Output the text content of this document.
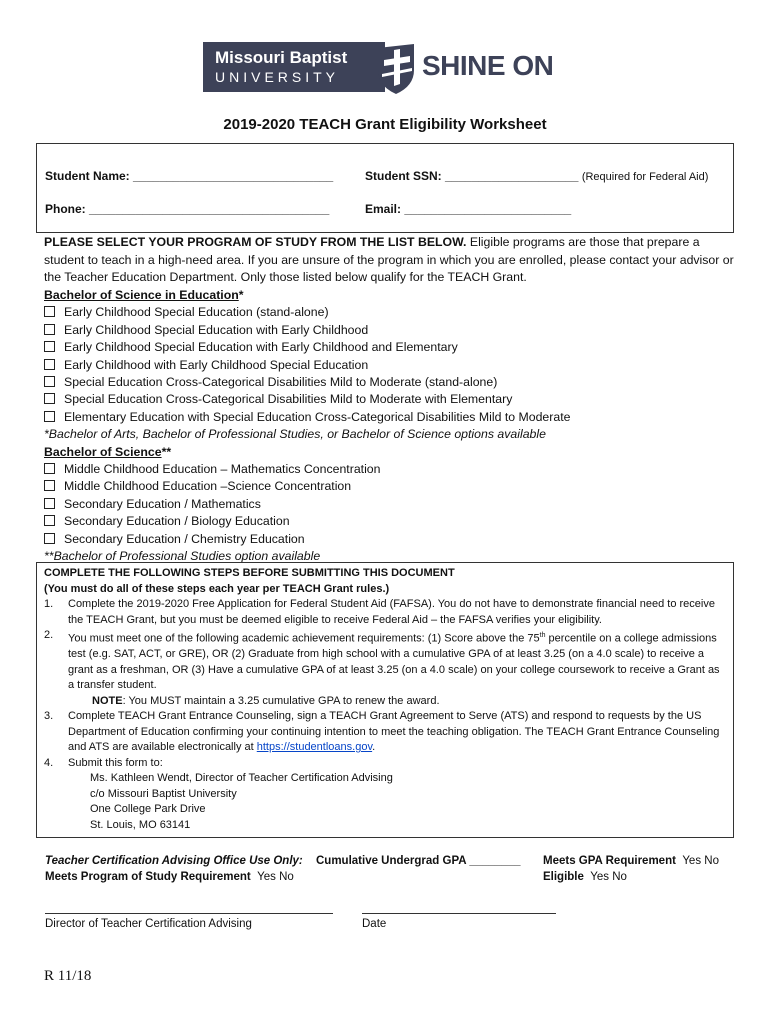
Missouri Baptist
UNIVERSITY	SHINE ON
2019-2020 TEACH Grant Eligibility Worksheet
Student Name: ______________________________	Student SSN: ____________________ (Required for Federal Aid)
Phone: ____________________________________	Email: _________________________
PLEASE SELECT YOUR PROGRAM OF STUDY FROM THE LIST BELOW. Eligible programs are those that prepare a student to teach in a high-need area. If you are unsure of the program in which you are enrolled, please contact your advisor or the Teacher Education Department. Only those listed below qualify for the TEACH Grant.
Bachelor of Science in Education*
Early Childhood Special Education (stand-alone)
Early Childhood Special Education with Early Childhood
Early Childhood Special Education with Early Childhood and Elementary
Early Childhood with Early Childhood Special Education
Special Education Cross-Categorical Disabilities Mild to Moderate (stand-alone)
Special Education Cross-Categorical Disabilities Mild to Moderate with Elementary
Elementary Education with Special Education Cross-Categorical Disabilities Mild to Moderate
*Bachelor of Arts, Bachelor of Professional Studies, or Bachelor of Science options available
Bachelor of Science**
Middle Childhood Education – Mathematics Concentration
Middle Childhood Education –Science Concentration
Secondary Education / Mathematics
Secondary Education / Biology Education
Secondary Education / Chemistry Education
**Bachelor of Professional Studies option available
COMPLETE THE FOLLOWING STEPS BEFORE SUBMITTING THIS DOCUMENT
(You must do all of these steps each year per TEACH Grant rules.)
1.	Complete the 2019-2020 Free Application for Federal Student Aid (FAFSA). You do not have to demonstrate financial need to receive the TEACH Grant, but you must be deemed eligible to receive Federal Aid – the FAFSA verifies your eligibility.
2.	You must meet one of the following academic achievement requirements: (1) Score above the 75th percentile on a college admissions test (e.g. SAT, ACT, or GRE), OR (2) Graduate from high school with a cumulative GPA of at least 3.25 (on a 4.0 scale) to receive a grant as a freshman, OR (3) Have a cumulative GPA of at least 3.25 (on a 4.0 scale) on your college coursework to receive a Grant as a transfer student.
NOTE: You MUST maintain a 3.25 cumulative GPA to renew the award.
3.	Complete TEACH Grant Entrance Counseling, sign a TEACH Grant Agreement to Serve (ATS) and respond to requests by the US Department of Education confirming your continuing intention to meet the teaching obligation. The TEACH Grant Entrance Counseling and ATS are available electronically at https://studentloans.gov.
4.	Submit this form to:
Ms. Kathleen Wendt, Director of Teacher Certification Advising
c/o Missouri Baptist University
One College Park Drive
St. Louis, MO 63141
Teacher Certification Advising Office Use Only:
Meets Program of Study Requirement Yes No
Cumulative Undergrad GPA ________ Meets GPA Requirement Yes No
Eligible Yes No
Director of Teacher Certification Advising	Date
R 11/18
